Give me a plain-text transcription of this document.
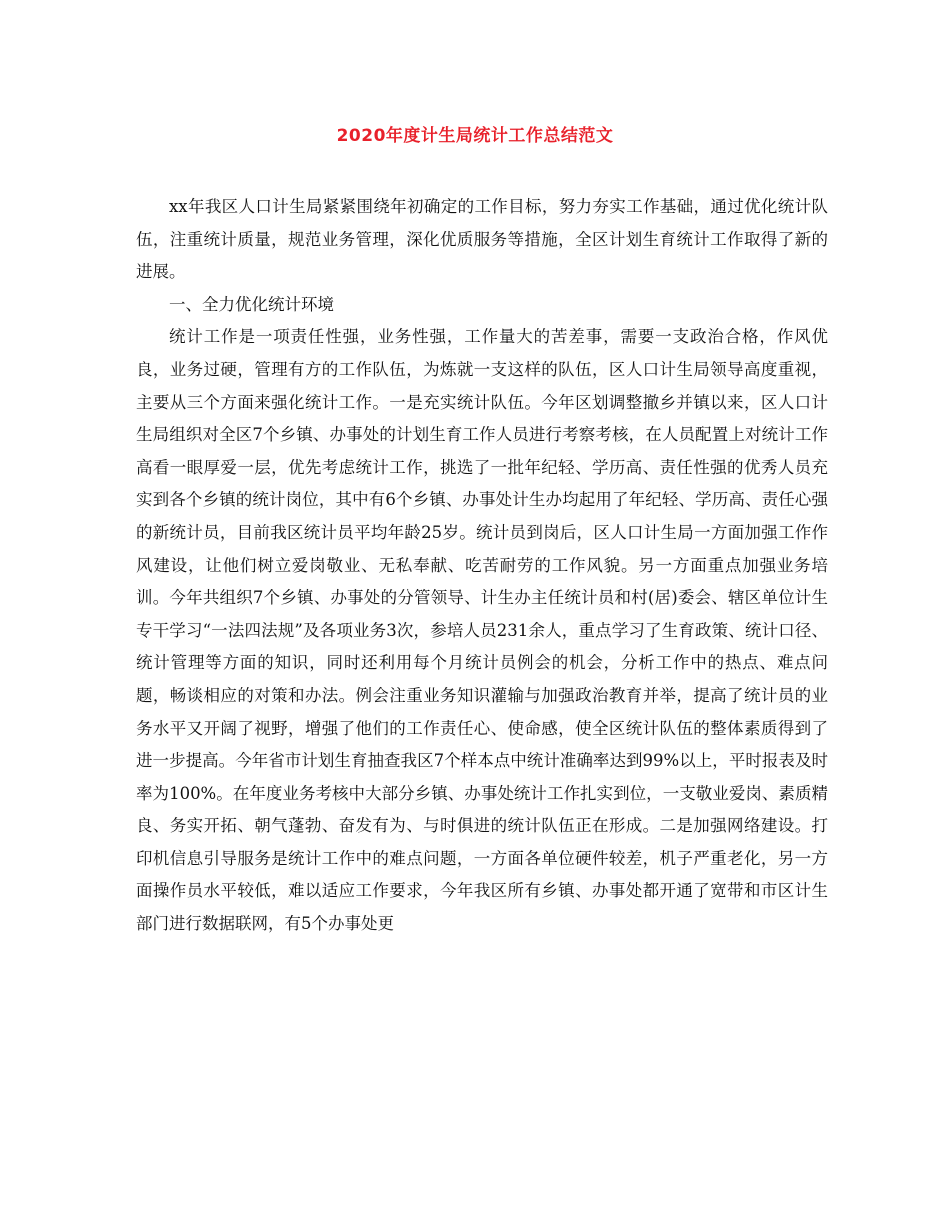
2020年度计生局统计工作总结范文

xx年我区人口计生局紧紧围绕年初确定的工作目标，努力夯实工作基础，通过优化统计队伍，注重统计质量，规范业务管理，深化优质服务等措施，全区计划生育统计工作取得了新的进展。

一、全力优化统计环境

统计工作是一项责任性强，业务性强，工作量大的苦差事，需要一支政治合格，作风优良，业务过硬，管理有方的工作队伍，为炼就一支这样的队伍，区人口计生局领导高度重视，主要从三个方面来强化统计工作。一是充实统计队伍。今年区划调整撤乡并镇以来，区人口计生局组织对全区7个乡镇、办事处的计划生育工作人员进行考察考核，在人员配置上对统计工作高看一眼厚爱一层，优先考虑统计工作，挑选了一批年纪轻、学历高、责任性强的优秀人员充实到各个乡镇的统计岗位，其中有6个乡镇、办事处计生办均起用了年纪轻、学历高、责任心强的新统计员，目前我区统计员平均年龄25岁。统计员到岗后，区人口计生局一方面加强工作作风建设，让他们树立爱岗敬业、无私奉献、吃苦耐劳的工作风貌。另一方面重点加强业务培训。今年共组织7个乡镇、办事处的分管领导、计生办主任统计员和村(居)委会、辖区单位计生专干学习“一法四法规”及各项业务3次，参培人员231余人，重点学习了生育政策、统计口径、统计管理等方面的知识，同时还利用每个月统计员例会的机会，分析工作中的热点、难点问题，畅谈相应的对策和办法。例会注重业务知识灌输与加强政治教育并举，提高了统计员的业务水平又开阔了视野，增强了他们的工作责任心、使命感，使全区统计队伍的整体素质得到了进一步提高。今年省市计划生育抽查我区7个样本点中统计准确率达到99%以上，平时报表及时率为100%。在年度业务考核中大部分乡镇、办事处统计工作扎实到位，一支敬业爱岗、素质精良、务实开拓、朝气蓬勃、奋发有为、与时俱进的统计队伍正在形成。二是加强网络建设。打印机信息引导服务是统计工作中的难点问题，一方面各单位硬件较差，机子严重老化，另一方面操作员水平较低，难以适应工作要求，今年我区所有乡镇、办事处都开通了宽带和市区计生部门进行数据联网，有5个办事处更
